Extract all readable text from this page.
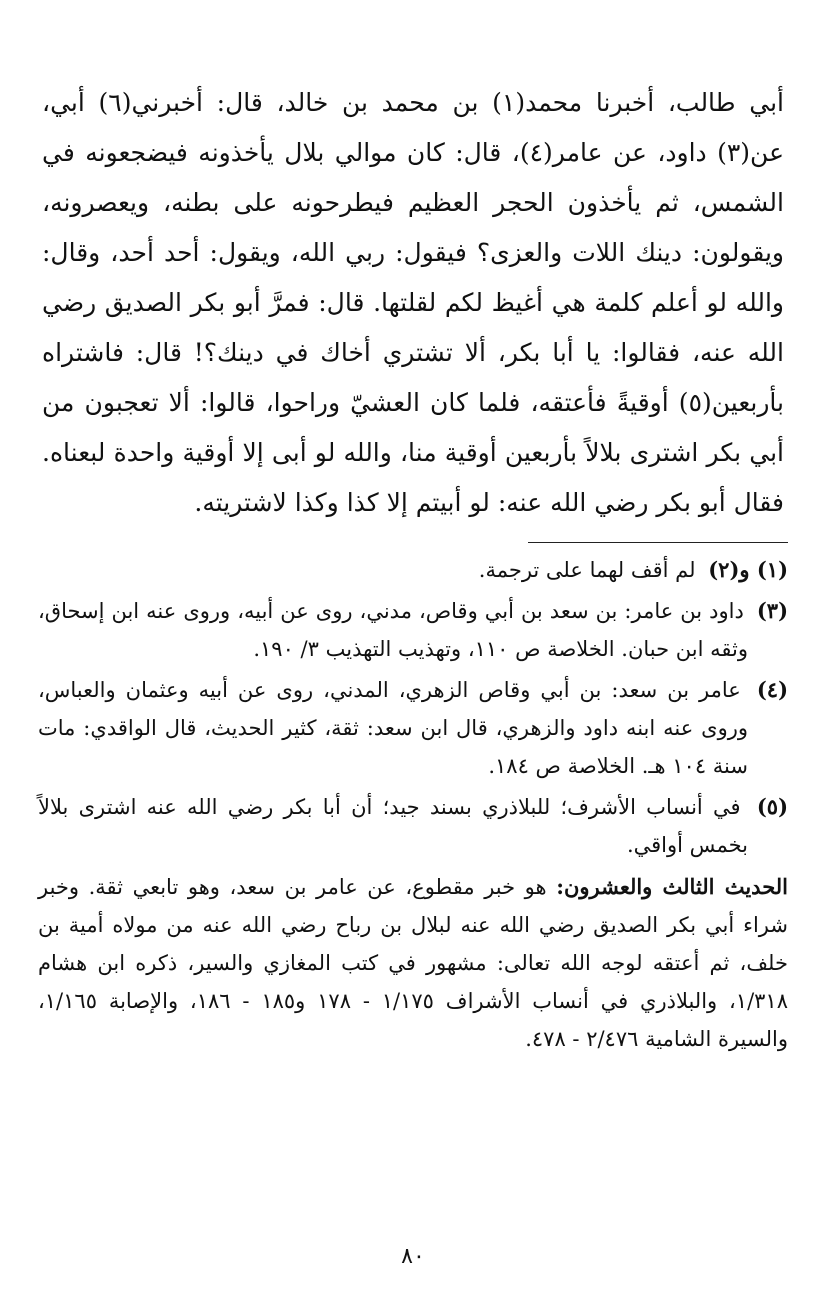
أبي طالب، أخبرنا محمد(١) بن محمد بن خالد، قال: أخبرني(٦) أبي، عن(٣) داود، عن عامر(٤)، قال: كان موالي بلال يأخذونه فيضجعونه في الشمس، ثم يأخذون الحجر العظيم فيطرحونه على بطنه، ويعصرونه، ويقولون: دينك اللات والعزى؟ فيقول: ربي الله، ويقول: أحد أحد، وقال: والله لو أعلم كلمة هي أغيظ لكم لقلتها. قال: فمرَّ أبو بكر الصديق رضي الله عنه، فقالوا: يا أبا بكر، ألا تشتري أخاك في دينك؟! قال: فاشتراه بأربعين(٥) أوقيةً فأعتقه، فلما كان العشيّ وراحوا، قالوا: ألا تعجبون من أبي بكر اشترى بلالاً بأربعين أوقية منا، والله لو أبى إلا أوقية واحدة لبعناه. فقال أبو بكر رضي الله عنه: لو أبيتم إلا كذا وكذا لاشتريته.

(١) و(٢) لم أقف لهما على ترجمة.
(٣) داود بن عامر: بن سعد بن أبي وقاص، مدني، روى عن أبيه، وروى عنه ابن إسحاق، وثقه ابن حبان. الخلاصة ص ١١٠، وتهذيب التهذيب ٣/ ١٩٠.
(٤) عامر بن سعد: بن أبي وقاص الزهري، المدني، روى عن أبيه وعثمان والعباس، وروى عنه ابنه داود والزهري، قال ابن سعد: ثقة، كثير الحديث، قال الواقدي: مات سنة ١٠٤ هـ. الخلاصة ص ١٨٤.
(٥) في أنساب الأشرف؛ للبلاذري بسند جيد؛ أن أبا بكر رضي الله عنه اشترى بلالاً بخمس أواقي.

الحديث الثالث والعشرون: هو خبر مقطوع، عن عامر بن سعد، وهو تابعي ثقة. وخبر شراء أبي بكر الصديق رضي الله عنه لبلال بن رباح رضي الله عنه من مولاه أمية بن خلف، ثم أعتقه لوجه الله تعالى: مشهور في كتب المغازي والسير، ذكره ابن هشام ١/٣١٨، والبلاذري في أنساب الأشراف ١/١٧٥ - ١٧٨ و١٨٥ - ١٨٦، والإصابة ١/١٦٥، والسيرة الشامية ٢/٤٧٦ - ٤٧٨.

٨٠
